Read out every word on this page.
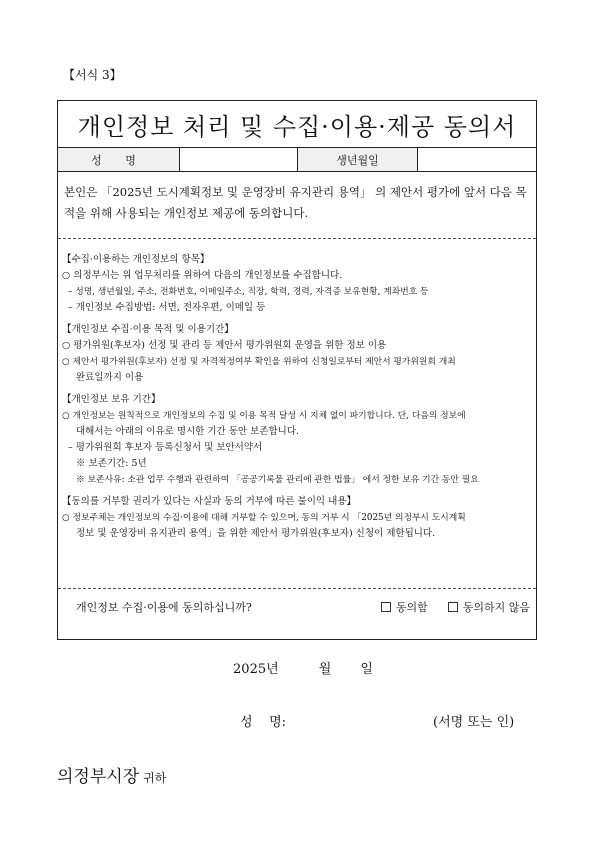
【서식 3】
개인정보 처리 및 수집·이용·제공 동의서
성 명	생년월일
본인은 「2025년 도시계획정보 및 운영장비 유지관리 용역」 의 제안서 평가에 앞서 다음 목적을 위해 사용되는 개인정보 제공에 동의합니다.
【수집·이용하는 개인정보의 항목】
○ 의정부시는 위 업무처리를 위하여 다음의 개인정보를 수집합니다.
– 성명, 생년월일, 주소, 전화번호, 이메일주소, 직장, 학력, 경력, 자격증 보유현황, 계좌번호 등
– 개인정보 수집방법: 서면, 전자우편, 이메일 등
【개인정보 수집·이용 목적 및 이용기간】
○ 평가위원(후보자) 선정 및 관리 등 제안서 평가위원회 운영을 위한 정보 이용
○ 제안서 평가위원(후보자) 선정 및 자격적정여부 확인을 위하여 신청일로부터 제안서 평가위원회 개최
완료일까지 이용
【개인정보 보유 기간】
○ 개인정보는 원칙적으로 개인정보의 수집 및 이용 목적 달성 시 지체 없이 파기합니다. 단, 다음의 정보에
대해서는 아래의 이유로 명시한 기간 동안 보존합니다.
– 평가위원회 후보자 등록신청서 및 보안서약서
※ 보존기간: 5년
※ 보존사유: 소관 업무 수행과 관련하여 「공공기록물 관리에 관한 법률」 에서 정한 보유 기간 동안 필요
【동의를 거부할 권리가 있다는 사실과 동의 거부에 따른 불이익 내용】
○ 정보주체는 개인정보의 수집·이용에 대해 거부할 수 있으며, 동의 거부 시 「2025년 의정부시 도시계획
정보 및 운영장비 유지관리 용역」을 위한 제안서 평가위원(후보자) 신청이 제한됩니다.
개인정보 수집·이용에 동의하십니까?	동의함	동의하지 않음
2025년	월 일
성    명:	(서명 또는 인)
의정부시장 귀하
